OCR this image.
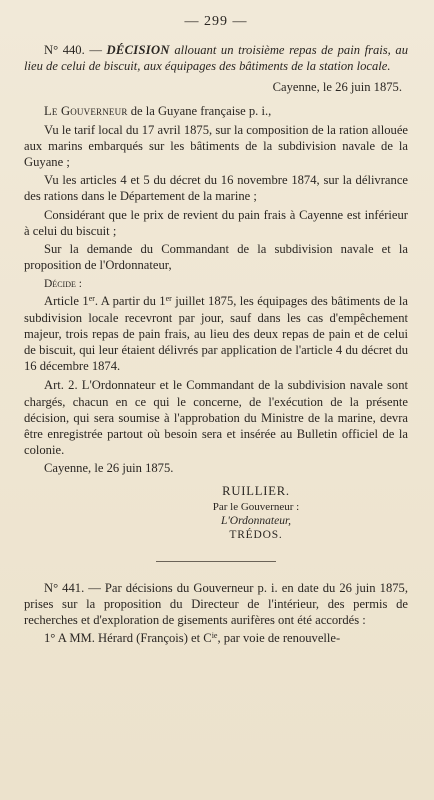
— 299 —

N° 440. — DÉCISION allouant un troisième repas de pain frais, au lieu de celui de biscuit, aux équipages des bâtiments de la station locale.

Cayenne, le 26 juin 1875.

Le Gouverneur de la Guyane française p. i.,

Vu le tarif local du 17 avril 1875, sur la composition de la ration allouée aux marins embarqués sur les bâtiments de la subdivision navale de la Guyane ;

Vu les articles 4 et 5 du décret du 16 novembre 1874, sur la délivrance des rations dans le Département de la marine ;

Considérant que le prix de revient du pain frais à Cayenne est inférieur à celui du biscuit ;

Sur la demande du Commandant de la subdivision navale et la proposition de l'Ordonnateur,

Décide :

Article 1er. A partir du 1er juillet 1875, les équipages des bâtiments de la subdivision locale recevront par jour, sauf dans les cas d'empêchement majeur, trois repas de pain frais, au lieu des deux repas de pain et de celui de biscuit, qui leur étaient délivrés par application de l'article 4 du décret du 16 décembre 1874.

Art. 2. L'Ordonnateur et le Commandant de la subdivision navale sont chargés, chacun en ce qui le concerne, de l'exécution de la présente décision, qui sera soumise à l'approbation du Ministre de la marine, devra être enregistrée partout où besoin sera et insérée au Bulletin officiel de la colonie.

Cayenne, le 26 juin 1875.

RUILLIER.
Par le Gouverneur :
L'Ordonnateur,
TRÉDOS.

N° 441. — Par décisions du Gouverneur p. i. en date du 26 juin 1875, prises sur la proposition du Directeur de l'intérieur, des permis de recherches et d'exploration de gisements aurifères ont été accordés :

1° A MM. Hérard (François) et $C^{ie}$, par voie de renouvelle-
